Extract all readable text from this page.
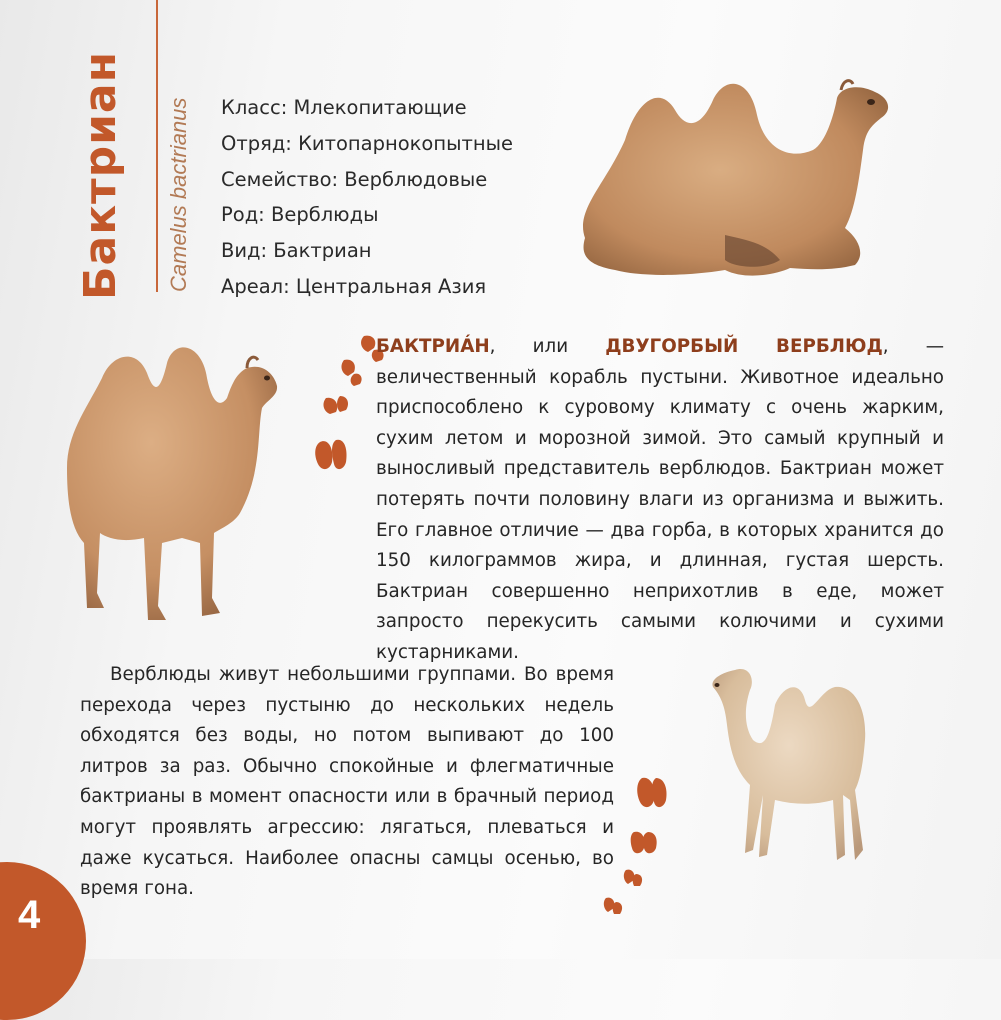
Бактриан	Camelus bactrianus	Класс: Млекопитающие
Отряд: Китопарнокопытные
Семейство: Верблюдовые
Род: Верблюды
Вид: Бактриан
Ареал: Центральная Азия
БАКТРИÁН, или ДВУГОРБЫЙ ВЕРБЛЮД, — величественный корабль пустыни. Животное идеально приспособлено к суровому климату с очень жарким, сухим летом и морозной зимой. Это самый крупный и выносливый представитель верблюдов. Бактриан может потерять почти половину влаги из организма и выжить. Его главное отличие — два горба, в которых хранится до 150 килограммов жира, и длинная, густая шерсть. Бактриан совершенно неприхотлив в еде, может запросто перекусить самыми колючими и сухими кустарниками.
Верблюды живут небольшими группами. Во время перехода через пустыню до нескольких недель обходятся без воды, но потом выпивают до 100 литров за раз. Обычно спокойные и флегматичные бактрианы в момент опасности или в брачный период могут проявлять агрессию: лягаться, плеваться и даже кусаться. Наиболее опасны самцы осенью, во время гона.
4
